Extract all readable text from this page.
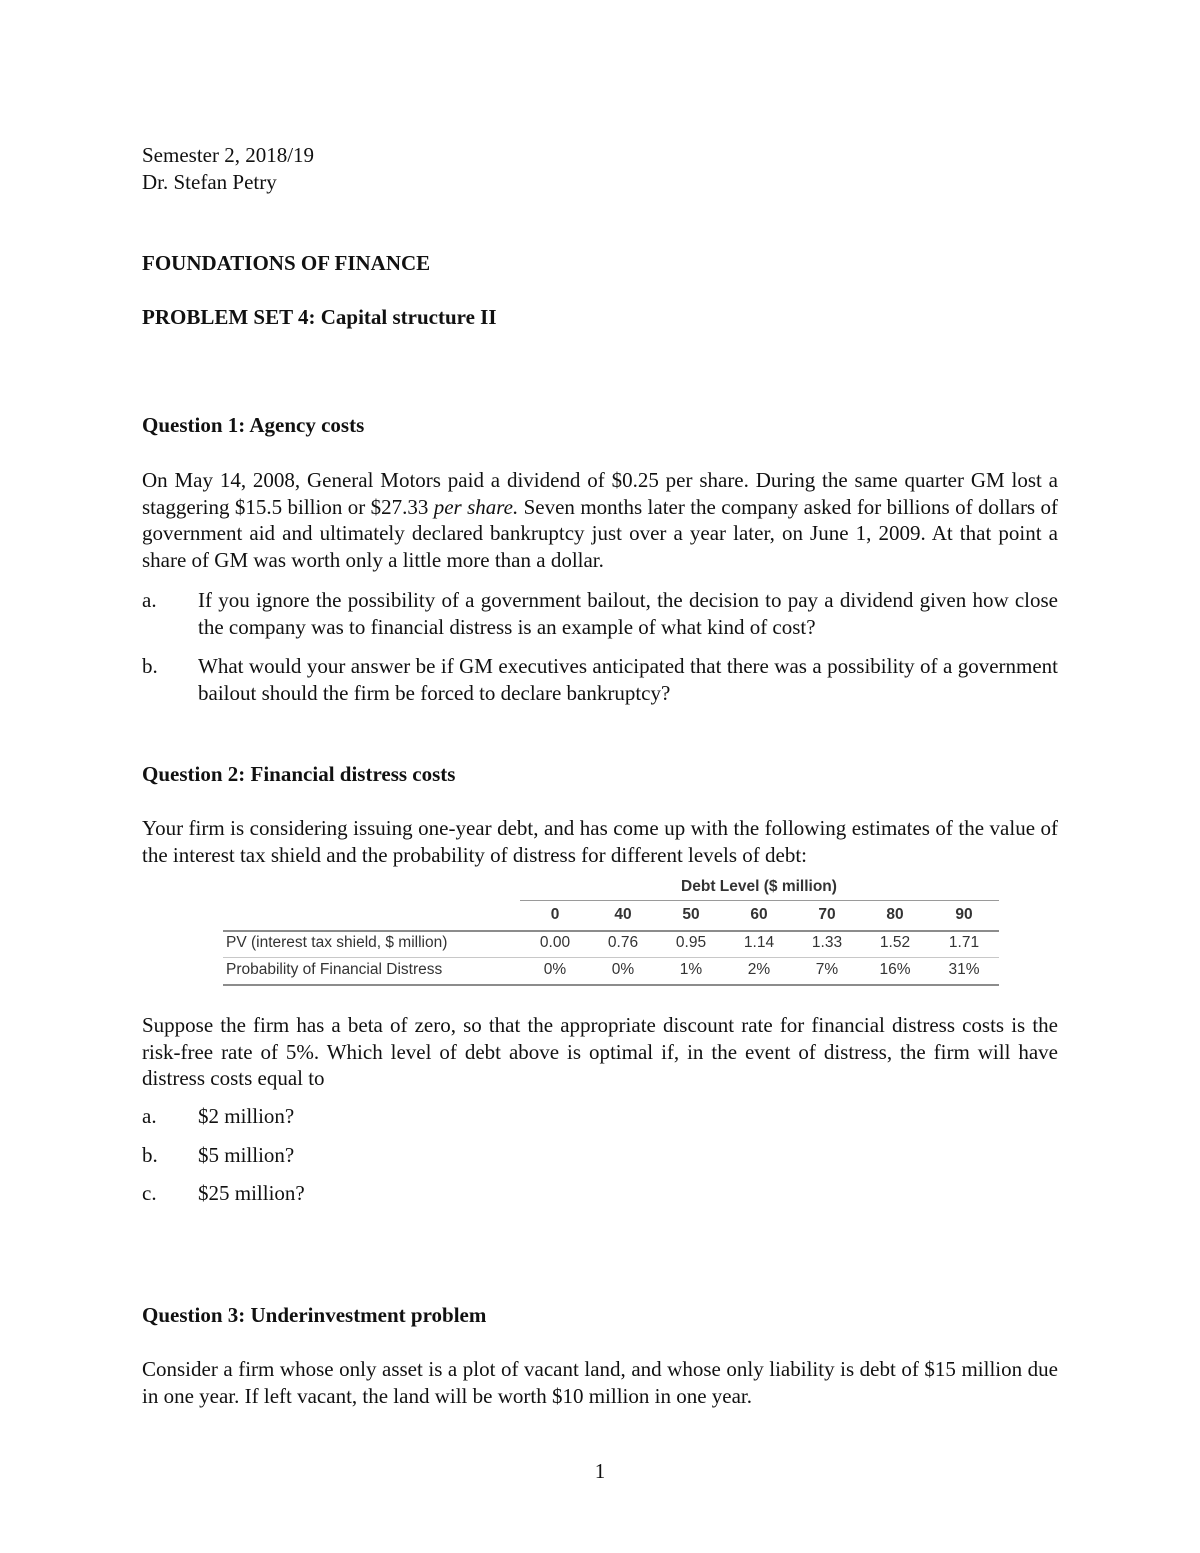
Semester 2, 2018/19
Dr. Stefan Petry
FOUNDATIONS OF FINANCE
PROBLEM SET 4: Capital structure II
Question 1: Agency costs
On May 14, 2008, General Motors paid a dividend of $0.25 per share. During the same quarter GM lost a staggering $15.5 billion or $27.33 per share. Seven months later the company asked for billions of dollars of government aid and ultimately declared bankruptcy just over a year later, on June 1, 2009. At that point a share of GM was worth only a little more than a dollar.
a. If you ignore the possibility of a government bailout, the decision to pay a dividend given how close the company was to financial distress is an example of what kind of cost?
b. What would your answer be if GM executives anticipated that there was a possibility of a government bailout should the firm be forced to declare bankruptcy?
Question 2: Financial distress costs
Your firm is considering issuing one-year debt, and has come up with the following estimates of the value of the interest tax shield and the probability of distress for different levels of debt:
Debt Level ($ million)
0	40	50	60	70	80	90
PV (interest tax shield, $ million)	0.00	0.76	0.95	1.14	1.33	1.52	1.71
Probability of Financial Distress	0%	0%	1%	2%	7%	16%	31%
Suppose the firm has a beta of zero, so that the appropriate discount rate for financial distress costs is the risk-free rate of 5%. Which level of debt above is optimal if, in the event of distress, the firm will have distress costs equal to
a. $2 million?
b. $5 million?
c. $25 million?
Question 3: Underinvestment problem
Consider a firm whose only asset is a plot of vacant land, and whose only liability is debt of $15 million due in one year. If left vacant, the land will be worth $10 million in one year.
1
